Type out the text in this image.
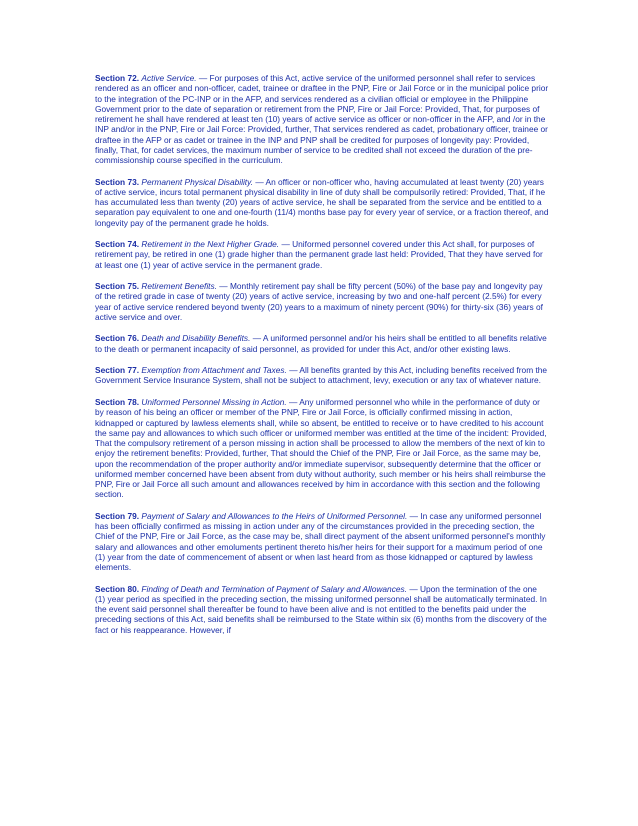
Section 72. Active Service. — For purposes of this Act, active service of the uniformed personnel shall refer to services rendered as an officer and non-officer, cadet, trainee or draftee in the PNP, Fire or Jail Force or in the municipal police prior to the integration of the PC-INP or in the AFP, and services rendered as a civilian official or employee in the Philippine Government prior to the date of separation or retirement from the PNP, Fire or Jail Force: Provided, That, for purposes of retirement he shall have rendered at least ten (10) years of active service as officer or non-officer in the AFP, and /or in the INP and/or in the PNP, Fire or Jail Force: Provided, further, That services rendered as cadet, probationary officer, trainee or draftee in the AFP or as cadet or trainee in the INP and PNP shall be credited for purposes of longevity pay: Provided, finally, That, for cadet services, the maximum number of service to be credited shall not exceed the duration of the pre-commissionship course specified in the curriculum.

Section 73. Permanent Physical Disability. — An officer or non-officer who, having accumulated at least twenty (20) years of active service, incurs total permanent physical disability in line of duty shall be compulsorily retired: Provided, That, if he has accumulated less than twenty (20) years of active service, he shall be separated from the service and be entitled to a separation pay equivalent to one and one-fourth (11/4) months base pay for every year of service, or a fraction thereof, and longevity pay of the permanent grade he holds.

Section 74. Retirement in the Next Higher Grade. — Uniformed personnel covered under this Act shall, for purposes of retirement pay, be retired in one (1) grade higher than the permanent grade last held: Provided, That they have served for at least one (1) year of active service in the permanent grade.

Section 75. Retirement Benefits. — Monthly retirement pay shall be fifty percent (50%) of the base pay and longevity pay of the retired grade in case of twenty (20) years of active service, increasing by two and one-half percent (2.5%) for every year of active service rendered beyond twenty (20) years to a maximum of ninety percent (90%) for thirty-six (36) years of active service and over.

Section 76. Death and Disability Benefits. — A uniformed personnel and/or his heirs shall be entitled to all benefits relative to the death or permanent incapacity of said personnel, as provided for under this Act, and/or other existing laws.

Section 77. Exemption from Attachment and Taxes. — All benefits granted by this Act, including benefits received from the Government Service Insurance System, shall not be subject to attachment, levy, execution or any tax of whatever nature.

Section 78. Uniformed Personnel Missing in Action. — Any uniformed personnel who while in the performance of duty or by reason of his being an officer or member of the PNP, Fire or Jail Force, is officially confirmed missing in action, kidnapped or captured by lawless elements shall, while so absent, be entitled to receive or to have credited to his account the same pay and allowances to which such officer or uniformed member was entitled at the time of the incident: Provided, That the compulsory retirement of a person missing in action shall be processed to allow the members of the next of kin to enjoy the retirement benefits: Provided, further, That should the Chief of the PNP, Fire or Jail Force, as the same may be, upon the recommendation of the proper authority and/or immediate supervisor, subsequently determine that the officer or uniformed member concerned have been absent from duty without authority, such member or his heirs shall reimburse the PNP, Fire or Jail Force all such amount and allowances received by him in accordance with this section and the following section.

Section 79. Payment of Salary and Allowances to the Heirs of Uniformed Personnel. — In case any uniformed personnel has been officially confirmed as missing in action under any of the circumstances provided in the preceding section, the Chief of the PNP, Fire or Jail Force, as the case may be, shall direct payment of the absent uniformed personnel's monthly salary and allowances and other emoluments pertinent thereto his/her heirs for their support for a maximum period of one (1) year from the date of commencement of absent or when last heard from as those kidnapped or captured by lawless elements.

Section 80. Finding of Death and Termination of Payment of Salary and Allowances. — Upon the termination of the one (1) year period as specified in the preceding section, the missing uniformed personnel shall be automatically terminated. In the event said personnel shall thereafter be found to have been alive and is not entitled to the benefits paid under the preceding sections of this Act, said benefits shall be reimbursed to the State within six (6) months from the discovery of the fact or his reappearance. However, if
